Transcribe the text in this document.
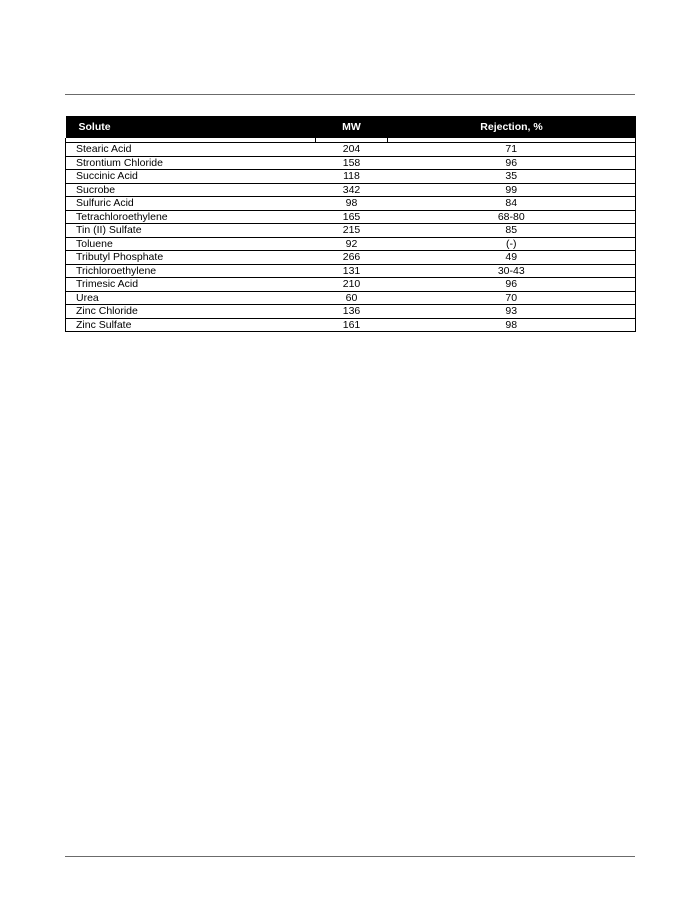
Solute	MW	Rejection, %

Stearic Acid	204	71
Strontium Chloride	158	96
Succinic Acid	118	35
Sucrobe	342	99
Sulfuric Acid	98	84
Tetrachloroethylene	165	68-80
Tin (II) Sulfate	215	85
Toluene	92	(-)
Tributyl Phosphate	266	49
Trichloroethylene	131	30-43
Trimesic Acid	210	96
Urea	60	70
Zinc Chloride	136	93
Zinc Sulfate	161	98
